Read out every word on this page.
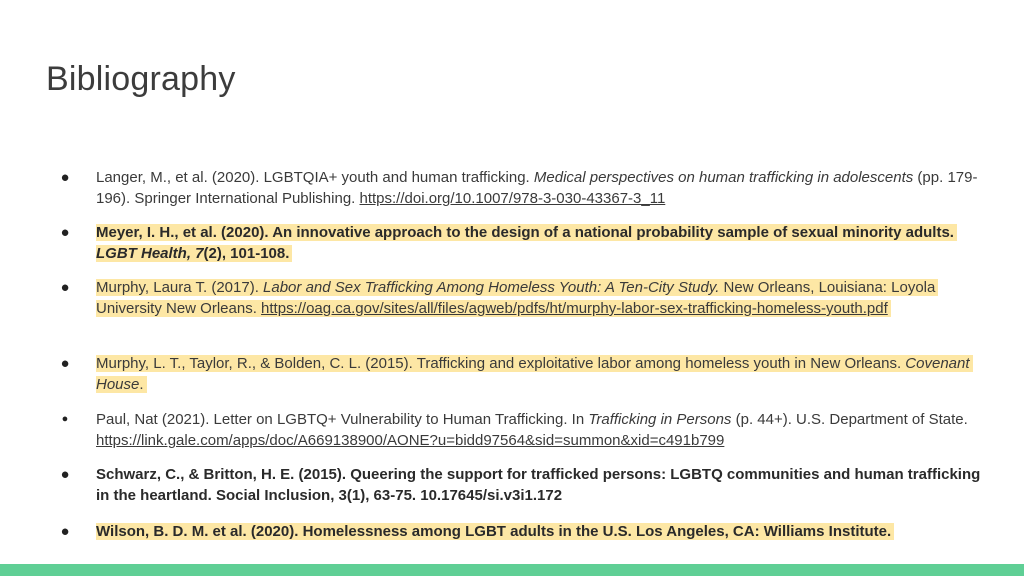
Bibliography
● Langer, M., et al. (2020). LGBTQIA+ youth and human trafficking. Medical perspectives on human trafficking in adolescents (pp. 179-196). Springer International Publishing. https://doi.org/10.1007/978-3-030-43367-3_11
● Meyer, I. H., et al. (2020). An innovative approach to the design of a national probability sample of sexual minority adults. LGBT Health, 7(2), 101-108.
● Murphy, Laura T. (2017). Labor and Sex Trafficking Among Homeless Youth: A Ten-City Study. New Orleans, Louisiana: Loyola University New Orleans. https://oag.ca.gov/sites/all/files/agweb/pdfs/ht/murphy-labor-sex-trafficking-homeless-youth.pdf
● Murphy, L. T., Taylor, R., & Bolden, C. L. (2015). Trafficking and exploitative labor among homeless youth in New Orleans. Covenant House.
● Paul, Nat (2021). Letter on LGBTQ+ Vulnerability to Human Trafficking. In Trafficking in Persons (p. 44+). U.S. Department of State. https://link.gale.com/apps/doc/A669138900/AONE?u=bidd97564&sid=summon&xid=c491b799
● Schwarz, C., & Britton, H. E. (2015). Queering the support for trafficked persons: LGBTQ communities and human trafficking in the heartland. Social Inclusion, 3(1), 63-75. 10.17645/si.v3i1.172
● Wilson, B. D. M. et al. (2020). Homelessness among LGBT adults in the U.S. Los Angeles, CA: Williams Institute.
